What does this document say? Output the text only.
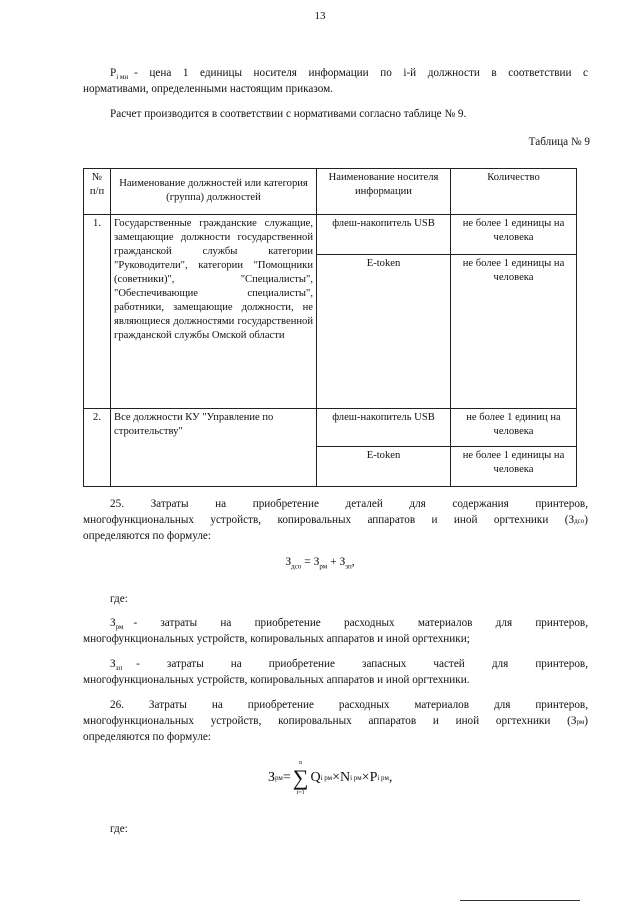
13
$P_{i мн}$ - цена 1 единицы носителя информации по i-й должности в соответствии с
нормативами, определенными настоящим приказом.
Расчет производится в соответствии с нормативами согласно таблице № 9.
Таблица № 9
№ п/п	Наименование должностей или категория (группа) должностей	Наименование носителя информации	Количество
1.	Государственные гражданские служащие, замещающие должности государственной гражданской службы категории "Руководители", категории "Помощники (советники)", "Специалисты", "Обеспечивающие специалисты", работники, замещающие должности, не являющиеся должностями государственной гражданской службы Омской области	флеш-накопитель USB	не более 1 единицы на человека
		E-token	не более 1 единицы на человека
2.	Все должности КУ "Управление по строительству"	флеш-накопитель USB	не более 1 единиц на человека
		E-token	не более 1 единицы на человека
25. Затраты на приобретение деталей для содержания принтеров,
многофункциональных устройств, копировальных аппаратов и иной оргтехники (З дсо )
определяются по формуле:
$З_{дсо} = З_{рм} + З_{зп}$,
где:
$З_{рм}$ - затраты на приобретение расходных материалов для принтеров,
многофункциональных устройств, копировальных аппаратов и иной оргтехники;
$З_{зп}$ - затраты на приобретение запасных частей для принтеров,
многофункциональных устройств, копировальных аппаратов и иной оргтехники.
26. Затраты на приобретение расходных материалов для принтеров,
многофункциональных устройств, копировальных аппаратов и иной оргтехники (З рм )
определяются по формуле:
З рм =
n
∑
i=1
Q i рм × N i рм × P i рм ,
где:
